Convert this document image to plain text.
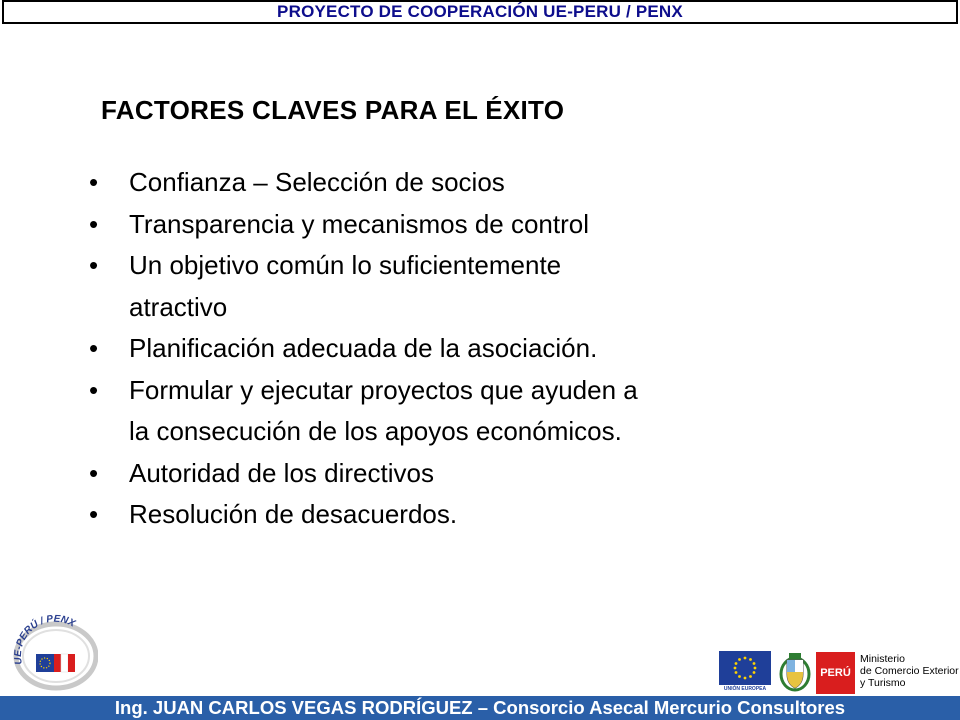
PROYECTO DE COOPERACIÓN UE-PERU / PENX
FACTORES CLAVES PARA EL ÉXITO
• Confianza – Selección de socios
• Transparencia y mecanismos de control
• Un objetivo común lo suficientemente
atractivo
• Planificación adecuada de la asociación.
• Formular y ejecutar proyectos que ayuden a
la consecución de los apoyos económicos.
• Autoridad de los directivos
• Resolución de desacuerdos.
UE-PERÚ / PENX
UNIÓN EUROPEA
PERÚ
Ministerio
de Comercio Exterior
y Turismo
Ing. JUAN CARLOS VEGAS RODRÍGUEZ – Consorcio Asecal Mercurio Consultores
